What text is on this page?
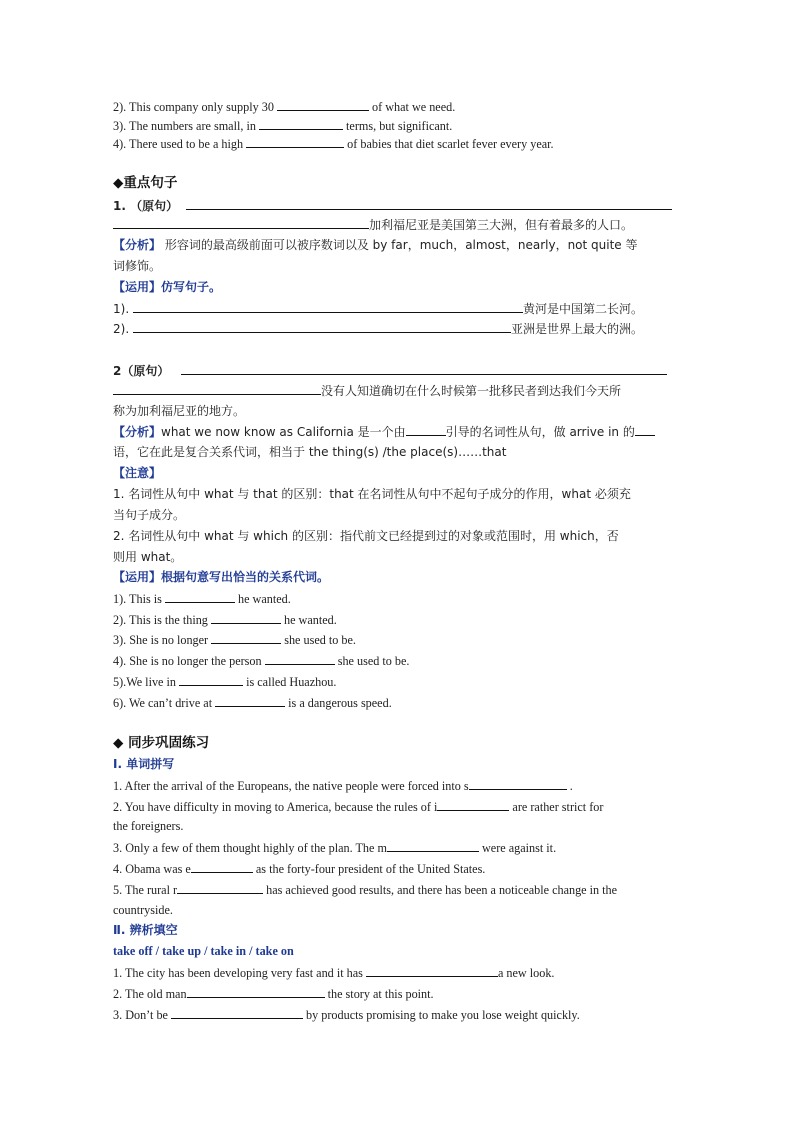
2). This company only supply 30	of what we need.
3). The numbers are small, in	terms, but significant.
4). There used to be a high	of babies that diet scarlet fever every year.
◆重点句子
1. （原句）
加利福尼亚是美国第三大洲，但有着最多的人口。
【分析】 形容词的最高级前面可以被序数词以及 by far，much，almost，nearly，not quite 等
词修饰。
【运用】仿写句子。
1).	黄河是中国第二长河。
2).	亚洲是世界上最大的洲。
2（原句）
没有人知道确切在什么时候第一批移民者到达我们今天所
称为加利福尼亚的地方。
【分析】what we now know as California 是一个由	引导的名词性从句，做 arrive in 的
语，它在此是复合关系代词，相当于 the thing(s) /the place(s)……that
【注意】
1. 名词性从句中 what 与 that 的区别：that 在名词性从句中不起句子成分的作用，what 必须充
当句子成分。
2. 名词性从句中 what 与 which 的区别：指代前文已经提到过的对象或范围时，用 which，否
则用 what。
【运用】根据句意写出恰当的关系代词。
1). This is	he wanted.
2). This is the thing	he wanted.
3). She is no longer	she used to be.
4). She is no longer the person	she used to be.
5).We live in	is called Huazhou.
6). We can’t drive at	is a dangerous speed.
◆ 同步巩固练习
Ⅰ. 单词拼写
1. After the arrival of the Europeans, the native people were forced into s	.
2. You have difficulty in moving to America, because the rules of i	are rather strict for
the foreigners.
3. Only a few of them thought highly of the plan. The m	were against it.
4. Obama was e	as the forty-four president of the United States.
5. The rural r	has achieved good results, and there has been a noticeable change in the
countryside.
Ⅱ. 辨析填空
take off / take up / take in / take on
1. The city has been developing very fast and it has	a new look.
2. The old man	the story at this point.
3. Don’t be	by products promising to make you lose weight quickly.
